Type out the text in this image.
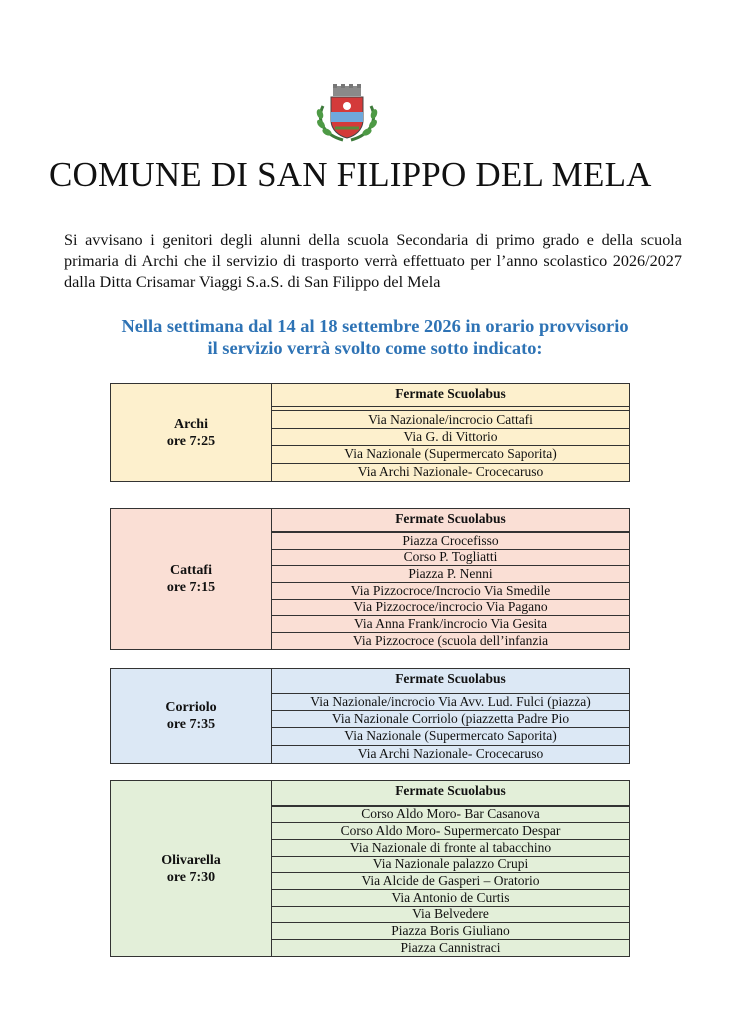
COMUNE DI SAN FILIPPO DEL MELA
Si avvisano i genitori degli alunni della scuola Secondaria di primo grado e della scuola primaria di Archi che il servizio di trasporto verrà effettuato per l’anno scolastico 2026/2027 dalla Ditta Crisamar Viaggi S.a.S. di San Filippo del Mela
Nella settimana dal 14 al 18 settembre 2026 in orario provvisorio
il servizio verrà svolto come sotto indicato:
Archi
ore 7:25
Fermate Scuolabus
Via Nazionale/incrocio Cattafi
Via G. di Vittorio
Via Nazionale (Supermercato Saporita)
Via Archi Nazionale- Crocecaruso
Cattafi
ore 7:15
Fermate Scuolabus
Piazza Crocefisso
Corso P. Togliatti
Piazza P. Nenni
Via Pizzocroce/Incrocio Via Smedile
Via Pizzocroce/incrocio Via Pagano
Via Anna Frank/incrocio Via Gesita
Via Pizzocroce (scuola dell’infanzia
Corriolo
ore 7:35
Fermate Scuolabus
Via Nazionale/incrocio Via Avv. Lud. Fulci (piazza)
Via Nazionale Corriolo (piazzetta Padre Pio
Via Nazionale (Supermercato Saporita)
Via Archi Nazionale- Crocecaruso
Olivarella
ore 7:30
Fermate Scuolabus
Corso Aldo Moro- Bar Casanova
Corso Aldo Moro- Supermercato Despar
Via Nazionale di fronte al tabacchino
Via Nazionale palazzo Crupi
Via Alcide de Gasperi – Oratorio
Via Antonio de Curtis
Via Belvedere
Piazza Boris Giuliano
Piazza Cannistraci
